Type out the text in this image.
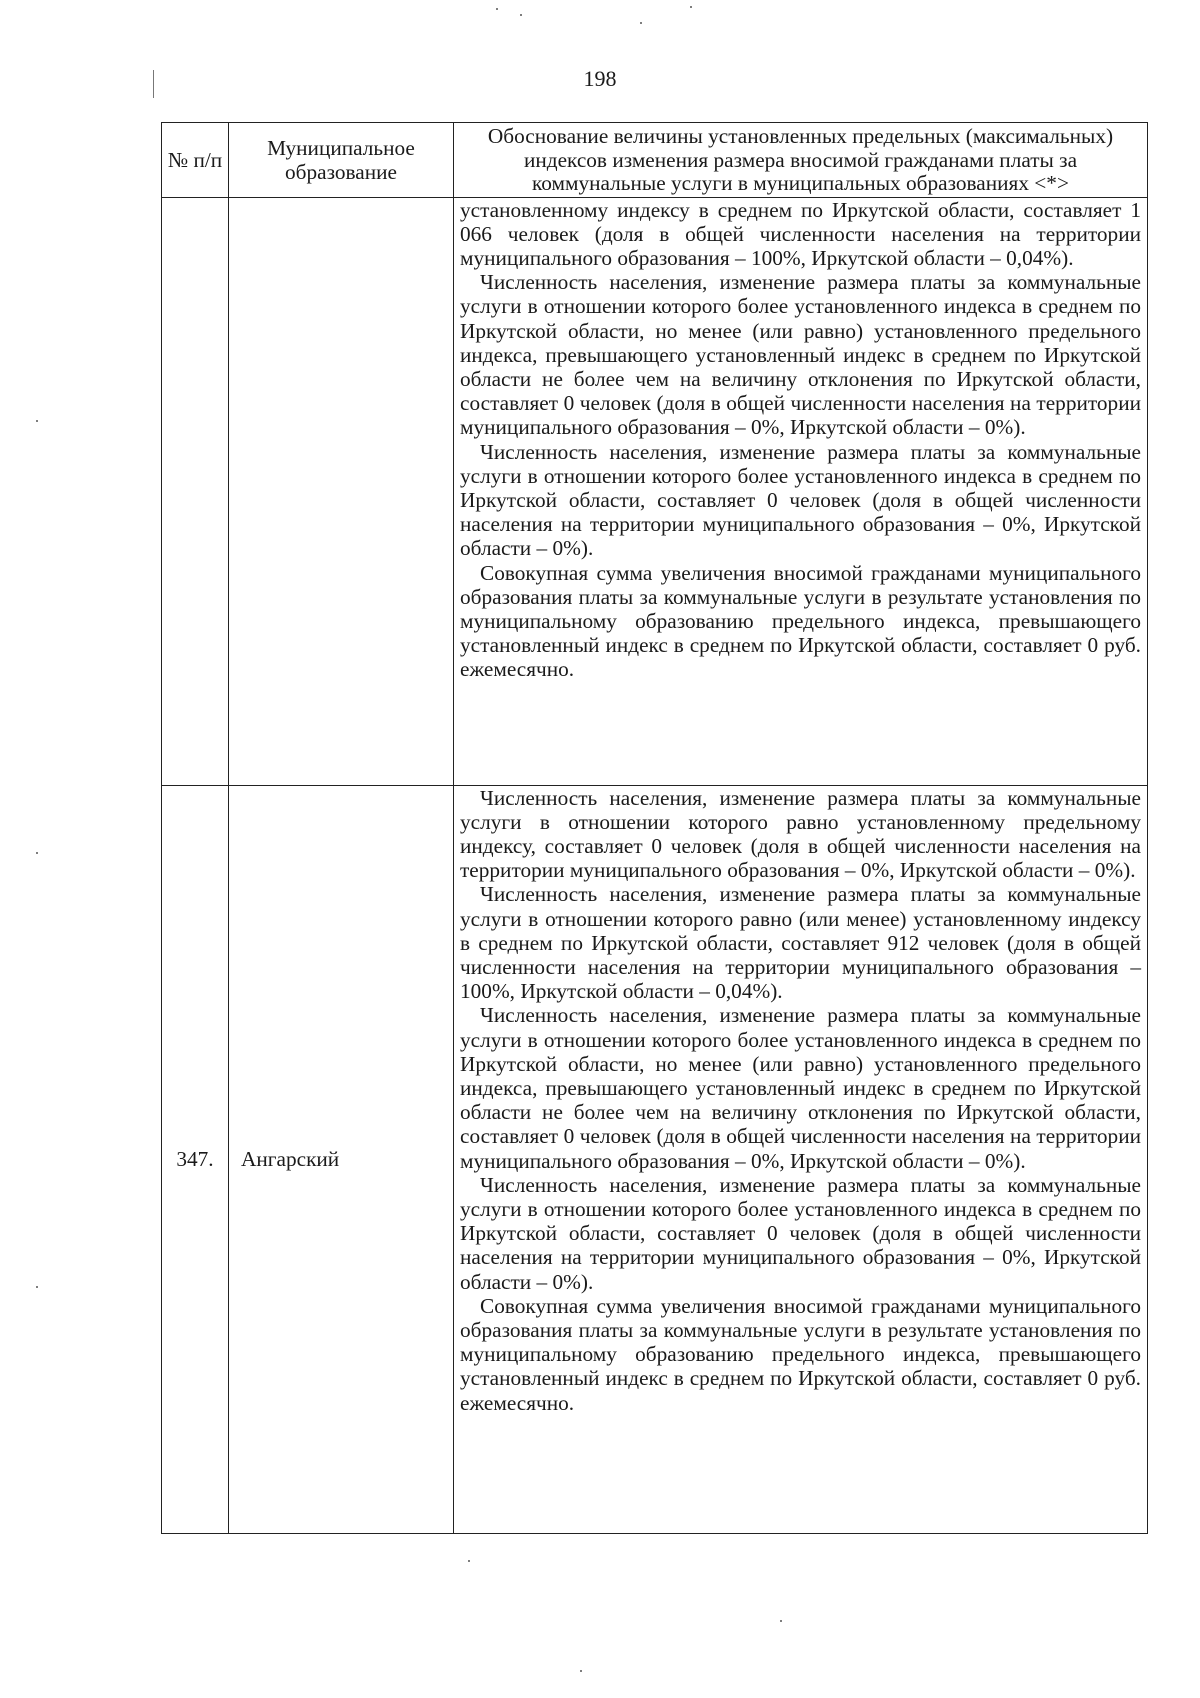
198
№ п/п	Муниципальное образование	Обоснование величины установленных предельных (максимальных) индексов изменения размера вносимой гражданами платы за коммунальные услуги в муниципальных образованиях <*>

		установленному индексу в среднем по Иркутской области, составляет 1 066 человек (доля в общей численности населения на территории муниципального образования – 100%, Иркутской области – 0,04%).

Численность населения, изменение размера платы за коммунальные услуги в отношении которого более установленного индекса в среднем по Иркутской области, но менее (или равно) установленного предельного индекса, превышающего установленный индекс в среднем по Иркутской области не более чем на величину отклонения по Иркутской области, составляет 0 человек (доля в общей численности населения на территории муниципального образования – 0%, Иркутской области – 0%).

Численность населения, изменение размера платы за коммунальные услуги в отношении которого более установленного индекса в среднем по Иркутской области, составляет 0 человек (доля в общей численности населения на территории муниципального образования – 0%, Иркутской области – 0%).

Совокупная сумма увеличения вносимой гражданами муниципального образования платы за коммунальные услуги в результате установления по муниципальному образованию предельного индекса, превышающего установленный индекс в среднем по Иркутской области, составляет 0 руб. ежемесячно.

347.	Ангарский	Численность населения, изменение размера платы за коммунальные услуги в отношении которого равно установленному предельному индексу, составляет 0 человек (доля в общей численности населения на территории муниципального образования – 0%, Иркутской области – 0%).

Численность населения, изменение размера платы за коммунальные услуги в отношении которого равно (или менее) установленному индексу в среднем по Иркутской области, составляет 912 человек (доля в общей численности населения на территории муниципального образования – 100%, Иркутской области – 0,04%).

Численность населения, изменение размера платы за коммунальные услуги в отношении которого более установленного индекса в среднем по Иркутской области, но менее (или равно) установленного предельного индекса, превышающего установленный индекс в среднем по Иркутской области не более чем на величину отклонения по Иркутской области, составляет 0 человек (доля в общей численности населения на территории муниципального образования – 0%, Иркутской области – 0%).

Численность населения, изменение размера платы за коммунальные услуги в отношении которого более установленного индекса в среднем по Иркутской области, составляет 0 человек (доля в общей численности населения на территории муниципального образования – 0%, Иркутской области – 0%).

Совокупная сумма увеличения вносимой гражданами муниципального образования платы за коммунальные услуги в результате установления по муниципальному образованию предельного индекса, превышающего установленный индекс в среднем по Иркутской области, составляет 0 руб. ежемесячно.
